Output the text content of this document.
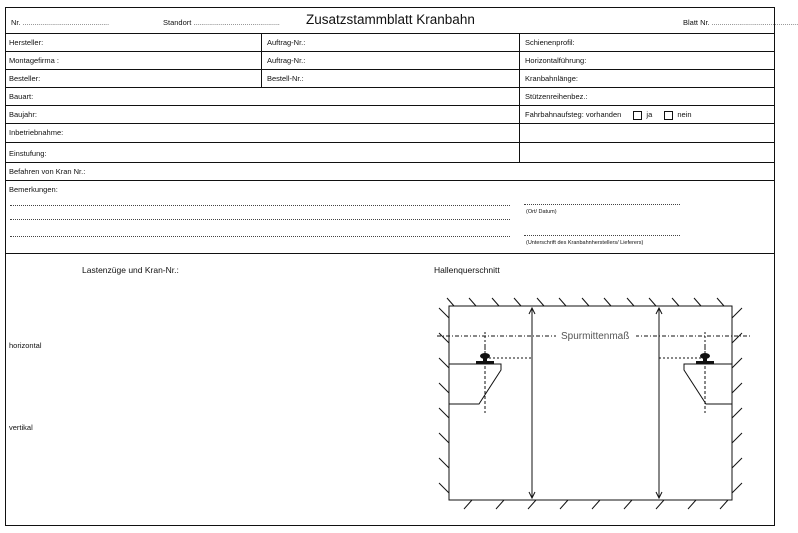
Nr. ............................................	Standort ............................................ Zusatzstammblatt Kranbahn	Blatt Nr. ............................................
Hersteller:	Auftrag-Nr.:	Schienenprofil:
Montagefirma :	Auftrag-Nr.:	Horizontalführung:
Besteller:	Bestell-Nr.:	Kranbahnlänge:
Bauart:	Stützenreihenbez.:
Baujahr:	Fahrbahnaufsteg: vorhanden	ja	nein
Inbetriebnahme:
Einstufung:
Befahren von Kran Nr.:
Bemerkungen:
(Ort/ Datum)
(Unterschrift des Kranbahnherstellers/ Lieferers)
Lastenzüge und Kran-Nr.:	Hallenquerschnitt
horizontal
vertikal
Spurmittenmaß
